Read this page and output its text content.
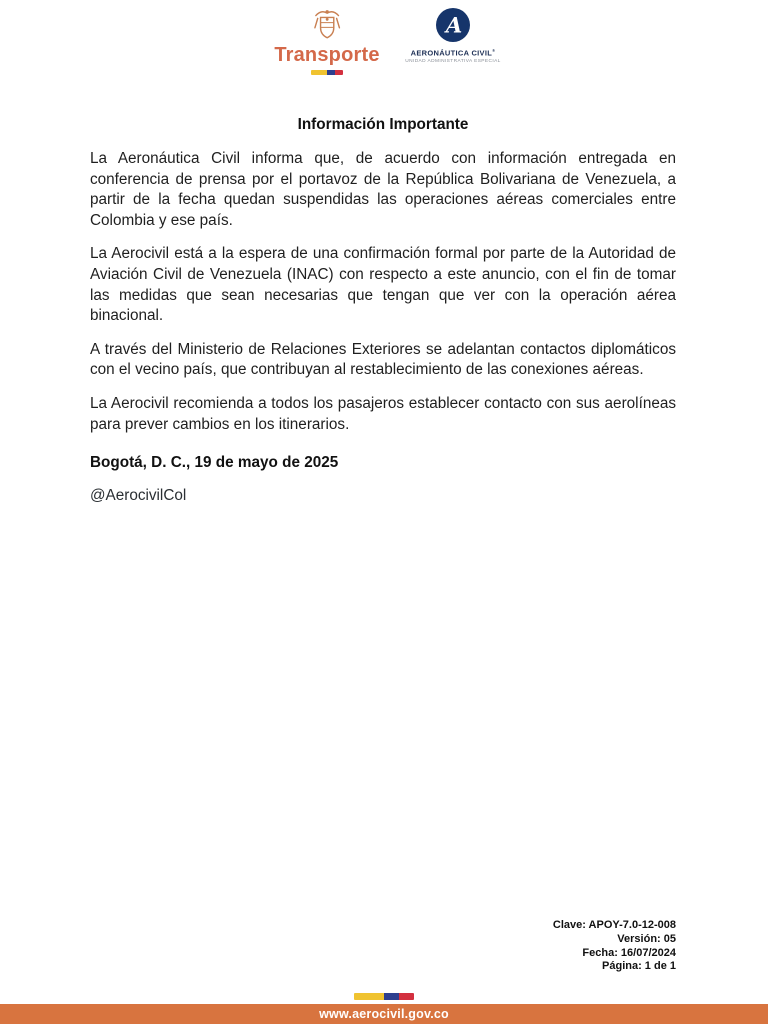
Transporte
A
AERONÁUTICA CIVIL®
UNIDAD ADMINISTRATIVA ESPECIAL
Información Importante

La Aeronáutica Civil informa que, de acuerdo con información entregada en conferencia de prensa por el portavoz de la República Bolivariana de Venezuela, a partir de la fecha quedan suspendidas las operaciones aéreas comerciales entre Colombia y ese país.

La Aerocivil está a la espera de una confirmación formal por parte de la Autoridad de Aviación Civil de Venezuela (INAC) con respecto a este anuncio, con el fin de tomar las medidas que sean necesarias que tengan que ver con la operación aérea binacional.

A través del Ministerio de Relaciones Exteriores se adelantan contactos diplomáticos con el vecino país, que contribuyan al restablecimiento de las conexiones aéreas.

La Aerocivil recomienda a todos los pasajeros establecer contacto con sus aerolíneas para prever cambios en los itinerarios.

Bogotá, D. C., 19 de mayo de 2025
@AerocivilCol
Clave: APOY-7.0-12-008
Versión: 05
Fecha: 16/07/2024
Página: 1 de 1
www.aerocivil.gov.co
